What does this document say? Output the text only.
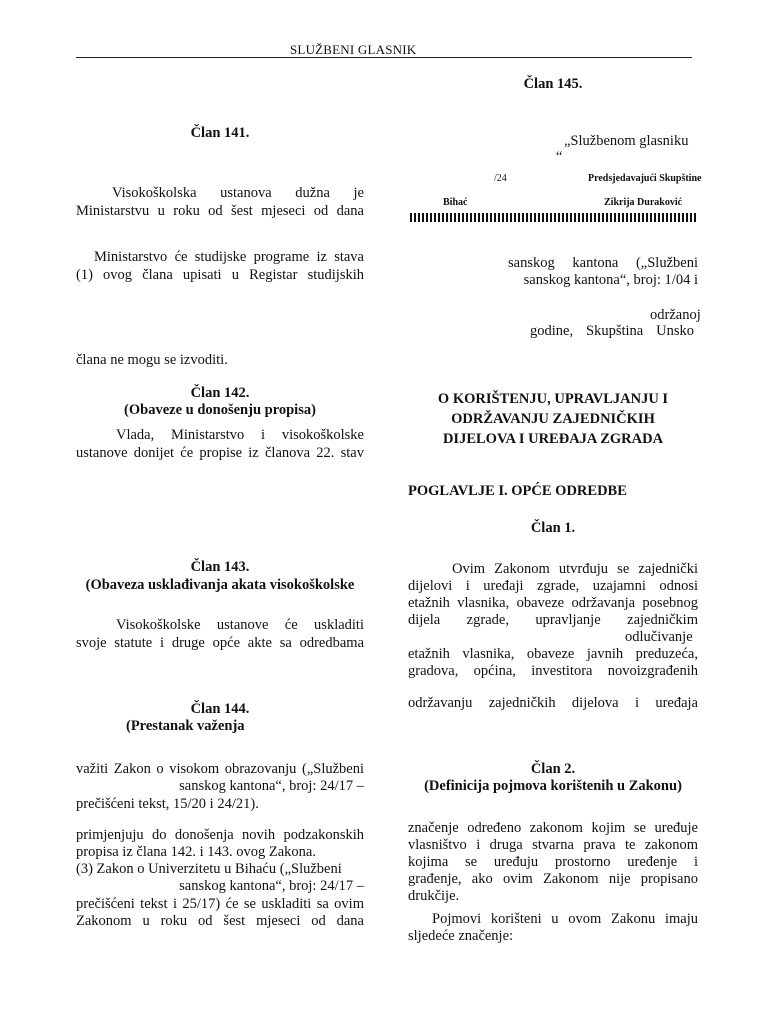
SLUŽBENI GLASNIK
Član 141.
Visokoškolska ustanova dužna je
Ministarstvu u roku od šest mjeseci od dana
Ministarstvo će studijske programe iz stava
(1) ovog člana upisati u Registar studijskih
člana ne mogu se izvoditi.
Član 142.
(Obaveze u donošenju propisa)
Vlada, Ministarstvo i visokoškolske
ustanove donijet će propise iz članova 22. stav
Član 143.
(Obaveza usklađivanja akata visokoškolske
Visokoškolske ustanove će uskladiti
svoje statute i druge opće akte sa odredbama
Član 144.
(Prestanak važenja
važiti Zakon o visokom obrazovanju („Službeni
sanskog kantona“, broj: 24/17 –
prečišćeni tekst, 15/20 i 24/21).
primjenjuju do donošenja novih podzakonskih
propisa iz člana 142. i 143. ovog Zakona.
(3) Zakon o Univerzitetu u Bihaću („Službeni
sanskog kantona“, broj: 24/17 –
prečišćeni tekst i 25/17) će se uskladiti sa ovim
Zakonom u roku od šest mjeseci od dana
Član 145.
„Službenom glasniku
“
/24	Predsjedavajući Skupštine
Bihać	Zikrija Duraković
sanskog kantona („Službeni
sanskog kantona“, broj: 1/04 i
održanoj
godine, Skupština Unsko
O KORIŠTENJU, UPRAVLJANJU I
ODRŽAVANJU ZAJEDNIČKIH
DIJELOVA I UREĐAJA ZGRADA
POGLAVLJE I. OPĆE ODREDBE
Član 1.
Ovim Zakonom utvrđuju se zajednički
dijelovi i uređaji zgrade, uzajamni odnosi
etažnih vlasnika, obaveze održavanja posebnog
dijela zgrade, upravljanje zajedničkim
odlučivanje
etažnih vlasnika, obaveze javnih preduzeća,
gradova, općina, investitora novoizgrađenih
održavanju zajedničkih dijelova i uređaja
Član 2.
(Definicija pojmova korištenih u Zakonu)
značenje određeno zakonom kojim se uređuje
vlasništvo i druga stvarna prava te zakonom
kojima se uređuju prostorno uređenje i
građenje, ako ovim Zakonom nije propisano
drukčije.
Pojmovi korišteni u ovom Zakonu imaju
sljedeće značenje:
